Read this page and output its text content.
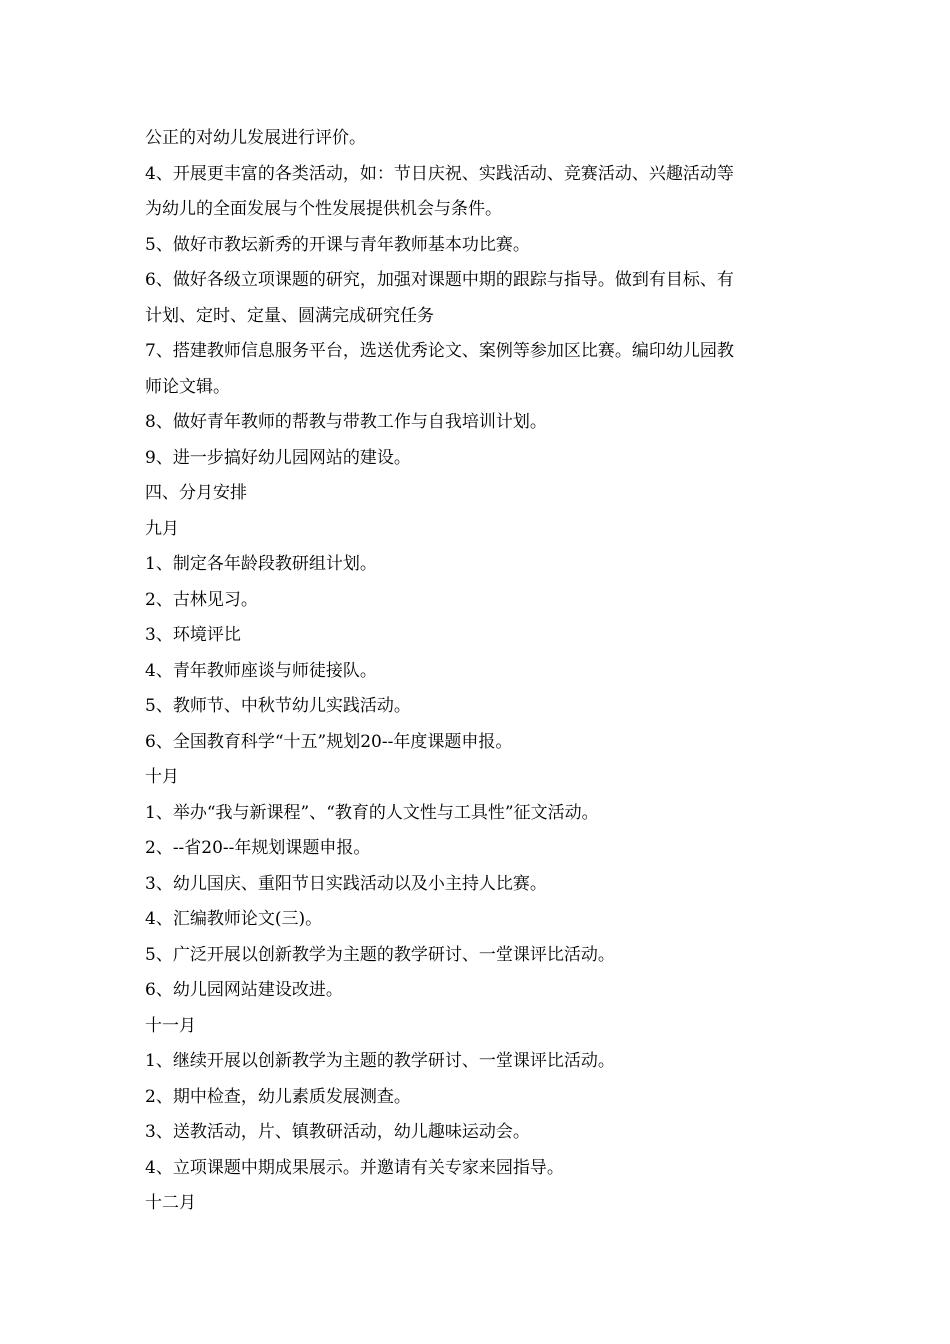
公正的对幼儿发展进行评价。
4、开展更丰富的各类活动，如：节日庆祝、实践活动、竞赛活动、兴趣活动等
为幼儿的全面发展与个性发展提供机会与条件。
5、做好市教坛新秀的开课与青年教师基本功比赛。
6、做好各级立项课题的研究，加强对课题中期的跟踪与指导。做到有目标、有
计划、定时、定量、圆满完成研究任务
7、搭建教师信息服务平台，选送优秀论文、案例等参加区比赛。编印幼儿园教
师论文辑。
8、做好青年教师的帮教与带教工作与自我培训计划。
9、进一步搞好幼儿园网站的建设。
四、分月安排
九月
1、制定各年龄段教研组计划。
2、古林见习。
3、环境评比
4、青年教师座谈与师徒接队。
5、教师节、中秋节幼儿实践活动。
6、全国教育科学“十五”规划20--年度课题申报。
十月
1、举办“我与新课程”、“教育的人文性与工具性”征文活动。
2、--省20--年规划课题申报。
3、幼儿国庆、重阳节日实践活动以及小主持人比赛。
4、汇编教师论文(三)。
5、广泛开展以创新教学为主题的教学研讨、一堂课评比活动。
6、幼儿园网站建设改进。
十一月
1、继续开展以创新教学为主题的教学研讨、一堂课评比活动。
2、期中检查，幼儿素质发展测查。
3、送教活动，片、镇教研活动，幼儿趣味运动会。
4、立项课题中期成果展示。并邀请有关专家来园指导。
十二月
